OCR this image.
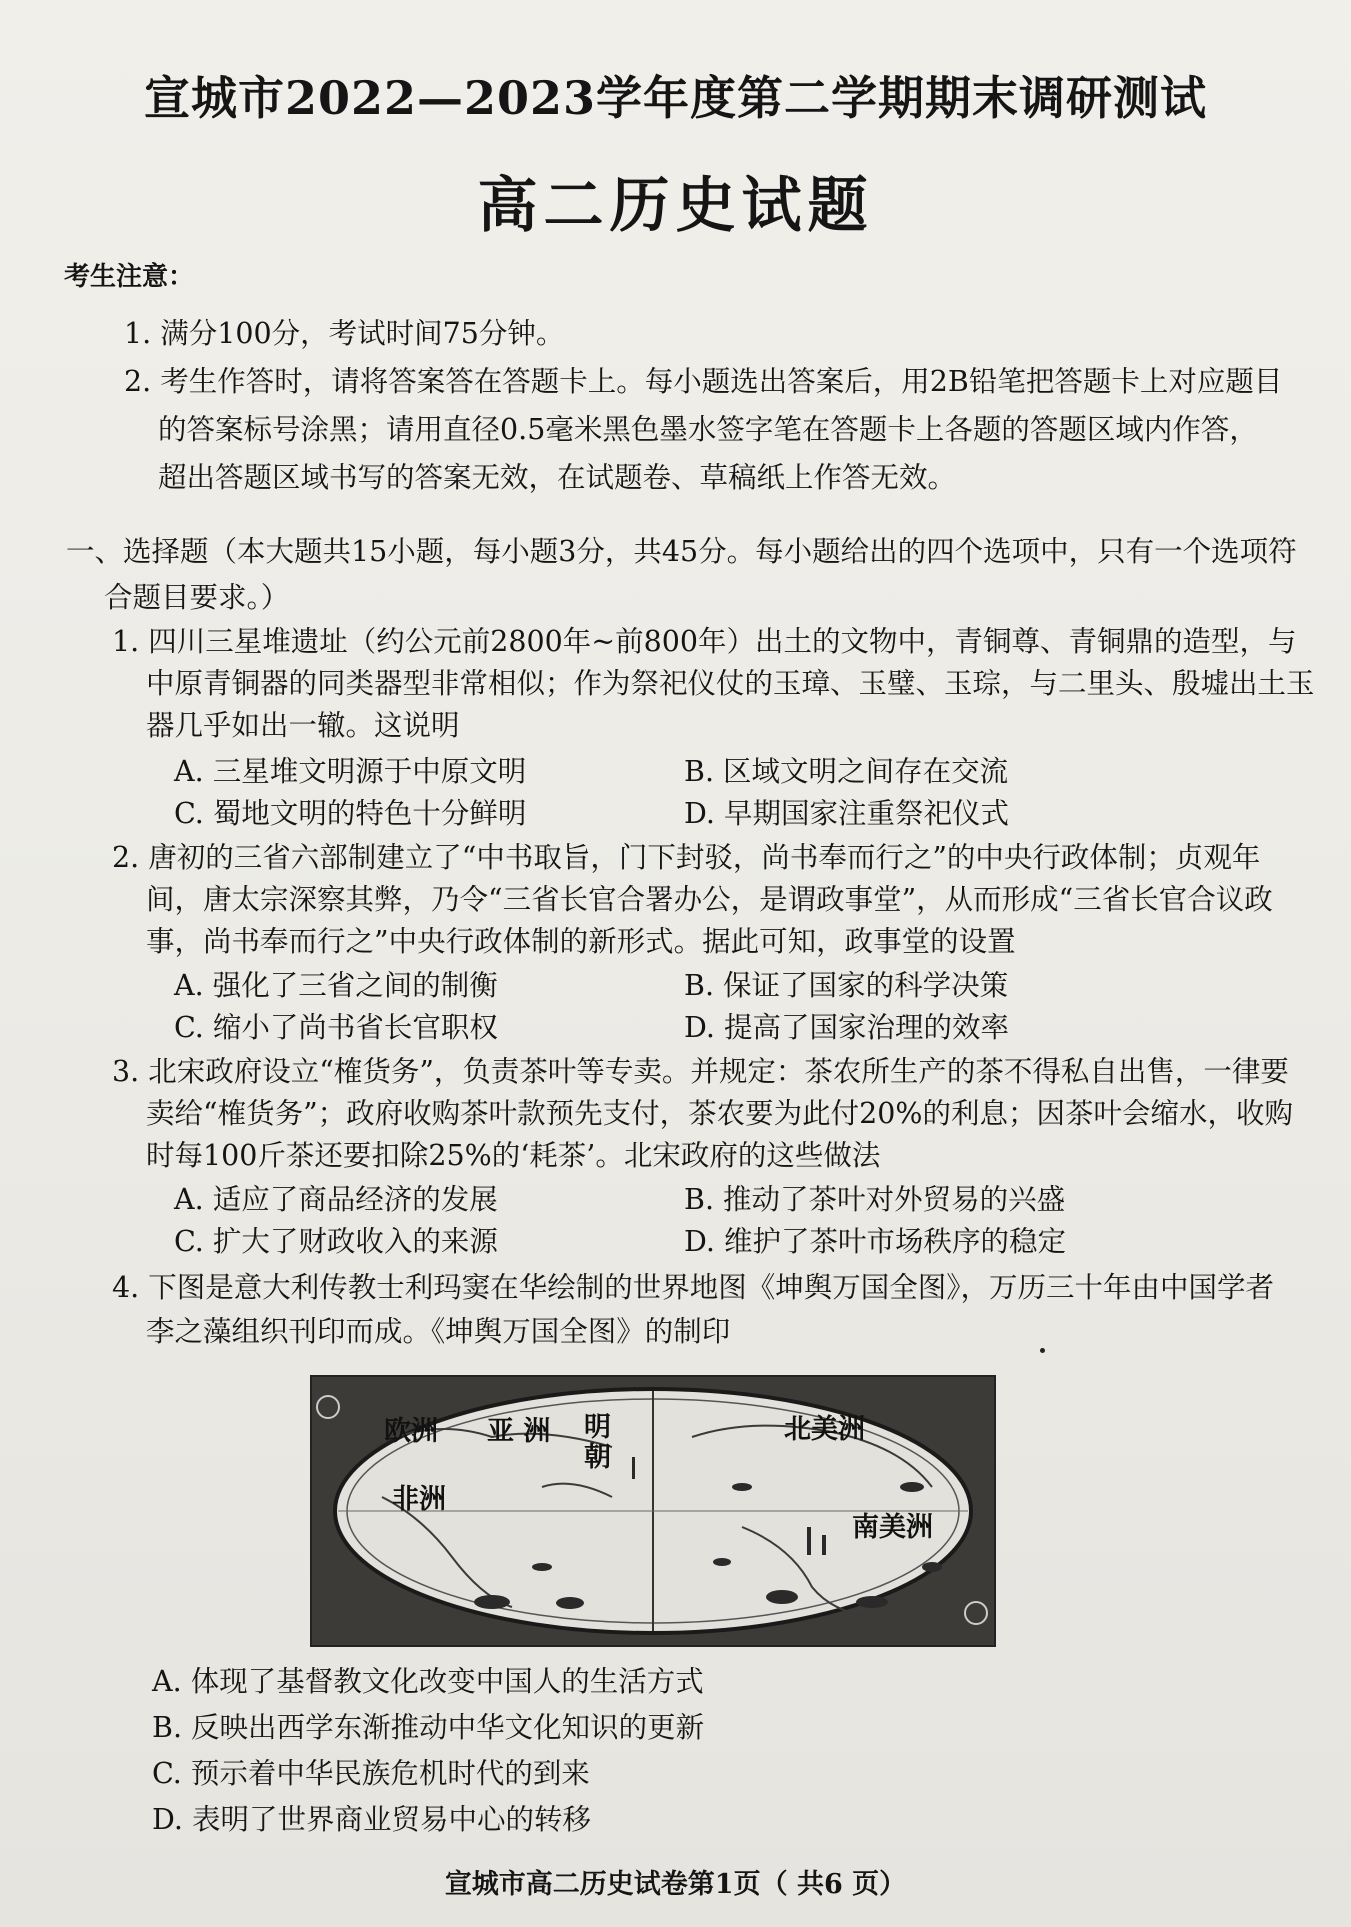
宣城市2022—2023学年度第二学期期末调研测试
高二历史试题
考生注意：
1. 满分100分，考试时间75分钟。
2. 考生作答时，请将答案答在答题卡上。每小题选出答案后，用2B铅笔把答题卡上对应题目
的答案标号涂黑；请用直径0.5毫米黑色墨水签字笔在答题卡上各题的答题区域内作答，
超出答题区域书写的答案无效，在试题卷、草稿纸上作答无效。
一、选择题（本大题共15小题，每小题3分，共45分。每小题给出的四个选项中，只有一个选项符
合题目要求。）
1. 四川三星堆遗址（约公元前2800年~前800年）出土的文物中，青铜尊、青铜鼎的造型，与
中原青铜器的同类器型非常相似；作为祭祀仪仗的玉璋、玉璧、玉琮，与二里头、殷墟出土玉
器几乎如出一辙。这说明
A. 三星堆文明源于中原文明	B. 区域文明之间存在交流
C. 蜀地文明的特色十分鲜明	D. 早期国家注重祭祀仪式
2. 唐初的三省六部制建立了“中书取旨，门下封驳，尚书奉而行之”的中央行政体制；贞观年
间，唐太宗深察其弊，乃令“三省长官合署办公，是谓政事堂”，从而形成“三省长官合议政
事，尚书奉而行之”中央行政体制的新形式。据此可知，政事堂的设置
A. 强化了三省之间的制衡	B. 保证了国家的科学决策
C. 缩小了尚书省长官职权	D. 提高了国家治理的效率
3. 北宋政府设立“榷货务”，负责茶叶等专卖。并规定：茶农所生产的茶不得私自出售，一律要
卖给“榷货务”；政府收购茶叶款预先支付，茶农要为此付20%的利息；因茶叶会缩水，收购
时每100斤茶还要扣除25%的‘耗茶’。北宋政府的这些做法
A. 适应了商品经济的发展	B. 推动了茶叶对外贸易的兴盛
C. 扩大了财政收入的来源	D. 维护了茶叶市场秩序的稳定
4. 下图是意大利传教士利玛窦在华绘制的世界地图《坤舆万国全图》，万历三十年由中国学者
李之藻组织刊印而成。《坤舆万国全图》的制印
欧洲 亚 洲 明
朝
北美洲
非洲
南美洲
A. 体现了基督教文化改变中国人的生活方式
B. 反映出西学东渐推动中华文化知识的更新
C. 预示着中华民族危机时代的到来
D. 表明了世界商业贸易中心的转移
宣城市高二历史试卷第1页（ 共6 页）
